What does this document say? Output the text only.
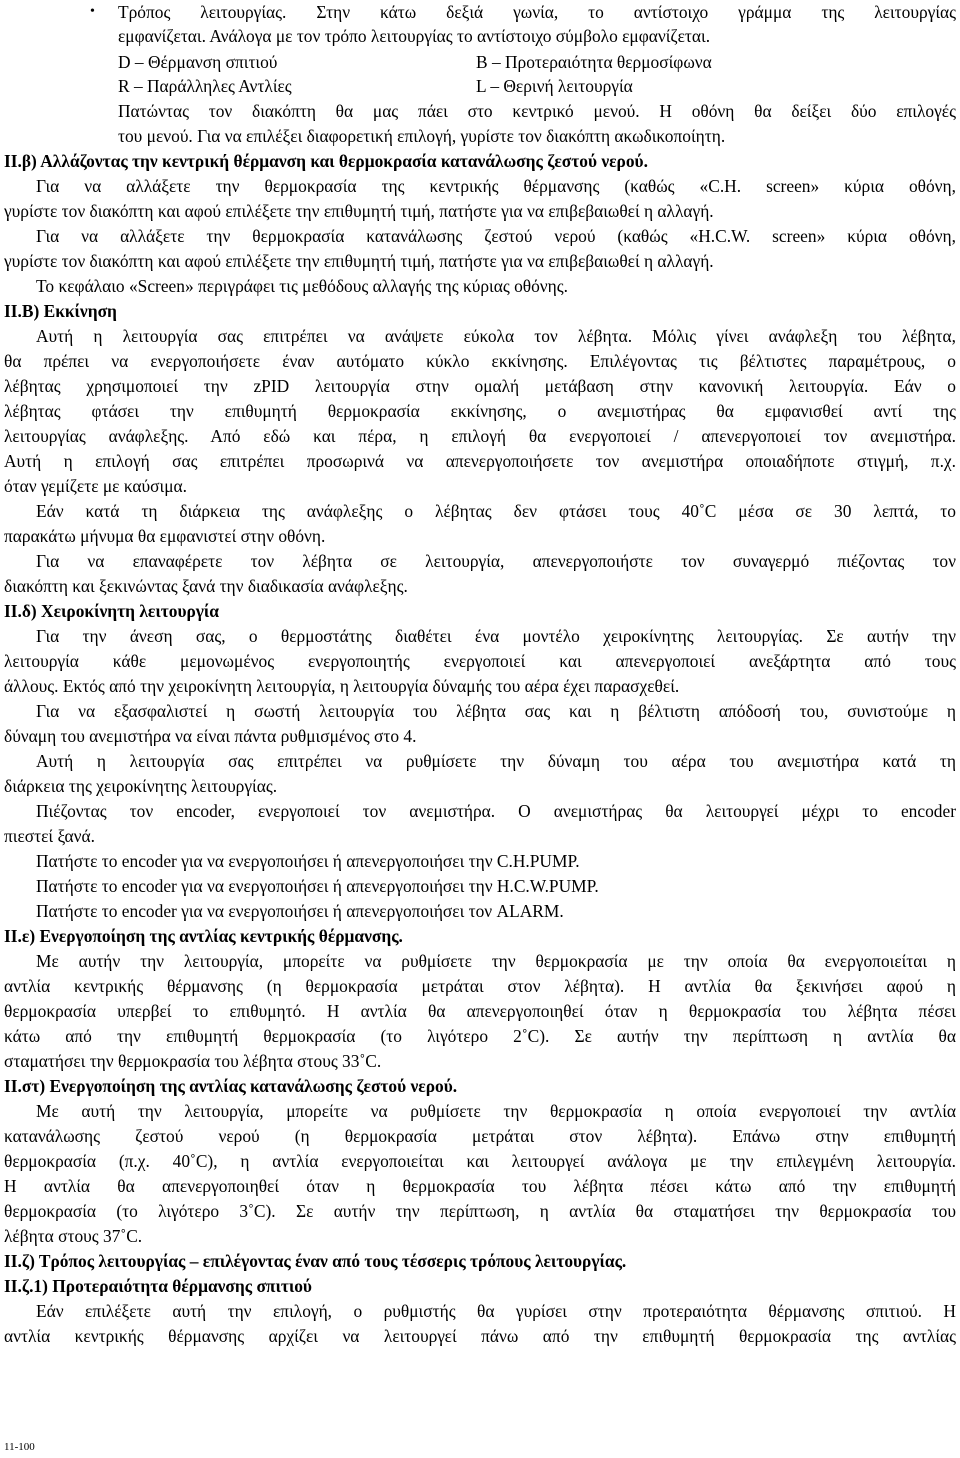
• Τρόπος λειτουργίας. Στην κάτω δεξιά γωνία, το αντίστοιχο γράμμα της λειτουργίας
εμφανίζεται. Ανάλογα με τον τρόπο λειτουργίας το αντίστοιχο σύμβολο εμφανίζεται.
D – Θέρμανση σπιτιού	B – Προτεραιότητα θερμοσίφωνα
R – Παράλληλες Αντλίες	L – Θερινή λειτουργία
Πατώντας τον διακόπτη θα μας πάει στο κεντρικό μενού. Η οθόνη θα δείξει δύο επιλογές
του μενού. Για να επιλέξει διαφορετική επιλογή, γυρίστε τον διακόπτη ακωδικοποίητη.
ΙΙ.β) Αλλάζοντας την κεντρική θέρμανση και θερμοκρασία κατανάλωσης ζεστού νερού.
Για να αλλάξετε την θερμοκρασία της κεντρικής θέρμανσης (καθώς «C.H. screen» κύρια οθόνη,
γυρίστε τον διακόπτη και αφού επιλέξετε την επιθυμητή τιμή, πατήστε για να επιβεβαιωθεί η αλλαγή.
Για να αλλάξετε την θερμοκρασία κατανάλωσης ζεστού νερού (καθώς «H.C.W. screen» κύρια οθόνη,
γυρίστε τον διακόπτη και αφού επιλέξετε την επιθυμητή τιμή, πατήστε για να επιβεβαιωθεί η αλλαγή.
Το κεφάλαιο «Screen» περιγράφει τις μεθόδους αλλαγής της κύριας οθόνης.
ΙΙ.Β) Εκκίνηση
Αυτή η λειτουργία σας επιτρέπει να ανάψετε εύκολα τον λέβητα. Μόλις γίνει ανάφλεξη του λέβητα,
θα πρέπει να ενεργοποιήσετε έναν αυτόματο κύκλο εκκίνησης. Επιλέγοντας τις βέλτιστες παραμέτρους, ο
λέβητας χρησιμοποιεί την zPID λειτουργία στην ομαλή μετάβαση στην κανονική λειτουργία. Εάν ο
λέβητας φτάσει την επιθυμητή θερμοκρασία εκκίνησης, ο ανεμιστήρας θα εμφανισθεί αντί της
λειτουργίας ανάφλεξης. Από εδώ και πέρα, η επιλογή θα ενεργοποιεί / απενεργοποιεί τον ανεμιστήρα.
Αυτή η επιλογή σας επιτρέπει προσωρινά να απενεργοποιήσετε τον ανεμιστήρα οποιαδήποτε στιγμή, π.χ.
όταν γεμίζετε με καύσιμα.
Εάν κατά τη διάρκεια της ανάφλεξης ο λέβητας δεν φτάσει τους 40˚C μέσα σε 30 λεπτά, το
παρακάτω μήνυμα θα εμφανιστεί στην οθόνη.
Για να επαναφέρετε τον λέβητα σε λειτουργία, απενεργοποιήστε τον συναγερμό πιέζοντας τον
διακόπτη και ξεκινώντας ξανά την διαδικασία ανάφλεξης.
ΙΙ.δ) Χειροκίνητη λειτουργία
Για την άνεση σας, ο θερμοστάτης διαθέτει ένα μοντέλο χειροκίνητης λειτουργίας. Σε αυτήν την
λειτουργία κάθε μεμονωμένος ενεργοποιητής ενεργοποιεί και απενεργοποιεί ανεξάρτητα από τους
άλλους. Εκτός από την χειροκίνητη λειτουργία, η λειτουργία δύναμής του αέρα έχει παρασχεθεί.
Για να εξασφαλιστεί η σωστή λειτουργία του λέβητα σας και η βέλτιστη απόδοσή του, συνιστούμε η
δύναμη του ανεμιστήρα να είναι πάντα ρυθμισμένος στο 4.
Αυτή η λειτουργία σας επιτρέπει να ρυθμίσετε την δύναμη του αέρα του ανεμιστήρα κατά τη
διάρκεια της χειροκίνητης λειτουργίας.
Πιέζοντας τον encoder, ενεργοποιεί τον ανεμιστήρα. Ο ανεμιστήρας θα λειτουργεί μέχρι το encoder
πιεστεί ξανά.
Πατήστε το encoder για να ενεργοποιήσει ή απενεργοποιήσει την C.H.PUMP.
Πατήστε το encoder για να ενεργοποιήσει ή απενεργοποιήσει την H.C.W.PUMP.
Πατήστε το encoder για να ενεργοποιήσει ή απενεργοποιήσει τον ALARM.
ΙΙ.ε) Ενεργοποίηση της αντλίας κεντρικής θέρμανσης.
Με αυτήν την λειτουργία, μπορείτε να ρυθμίσετε την θερμοκρασία με την οποία θα ενεργοποιείται η
αντλία κεντρικής θέρμανσης (η θερμοκρασία μετράται στον λέβητα). Η αντλία θα ξεκινήσει αφού η
θερμοκρασία υπερβεί το επιθυμητό. Η αντλία θα απενεργοποιηθεί όταν η θερμοκρασία του λέβητα πέσει
κάτω από την επιθυμητή θερμοκρασία (το λιγότερο 2˚C). Σε αυτήν την περίπτωση η αντλία θα
σταματήσει την θερμοκρασία του λέβητα στους 33˚C.
ΙΙ.στ) Ενεργοποίηση της αντλίας κατανάλωσης ζεστού νερού.
Με αυτή την λειτουργία, μπορείτε να ρυθμίσετε την θερμοκρασία η οποία ενεργοποιεί την αντλία
κατανάλωσης ζεστού νερού (η θερμοκρασία μετράται στον λέβητα). Επάνω στην επιθυμητή
θερμοκρασία (π.χ. 40˚C), η αντλία ενεργοποιείται και λειτουργεί ανάλογα με την επιλεγμένη λειτουργία.
Η αντλία θα απενεργοποιηθεί όταν η θερμοκρασία του λέβητα πέσει κάτω από την επιθυμητή
θερμοκρασία (το λιγότερο 3˚C). Σε αυτήν την περίπτωση, η αντλία θα σταματήσει την θερμοκρασία του
λέβητα στους 37˚C.
ΙΙ.ζ) Τρόπος λειτουργίας – επιλέγοντας έναν από τους τέσσερις τρόπους λειτουργίας.
ΙΙ.ζ.1) Προτεραιότητα θέρμανσης σπιτιού
Εάν επιλέξετε αυτή την επιλογή, ο ρυθμιστής θα γυρίσει στην προτεραιότητα θέρμανσης σπιτιού. Η
αντλία κεντρικής θέρμανσης αρχίζει να λειτουργεί πάνω από την επιθυμητή θερμοκρασία της αντλίας
11-100
